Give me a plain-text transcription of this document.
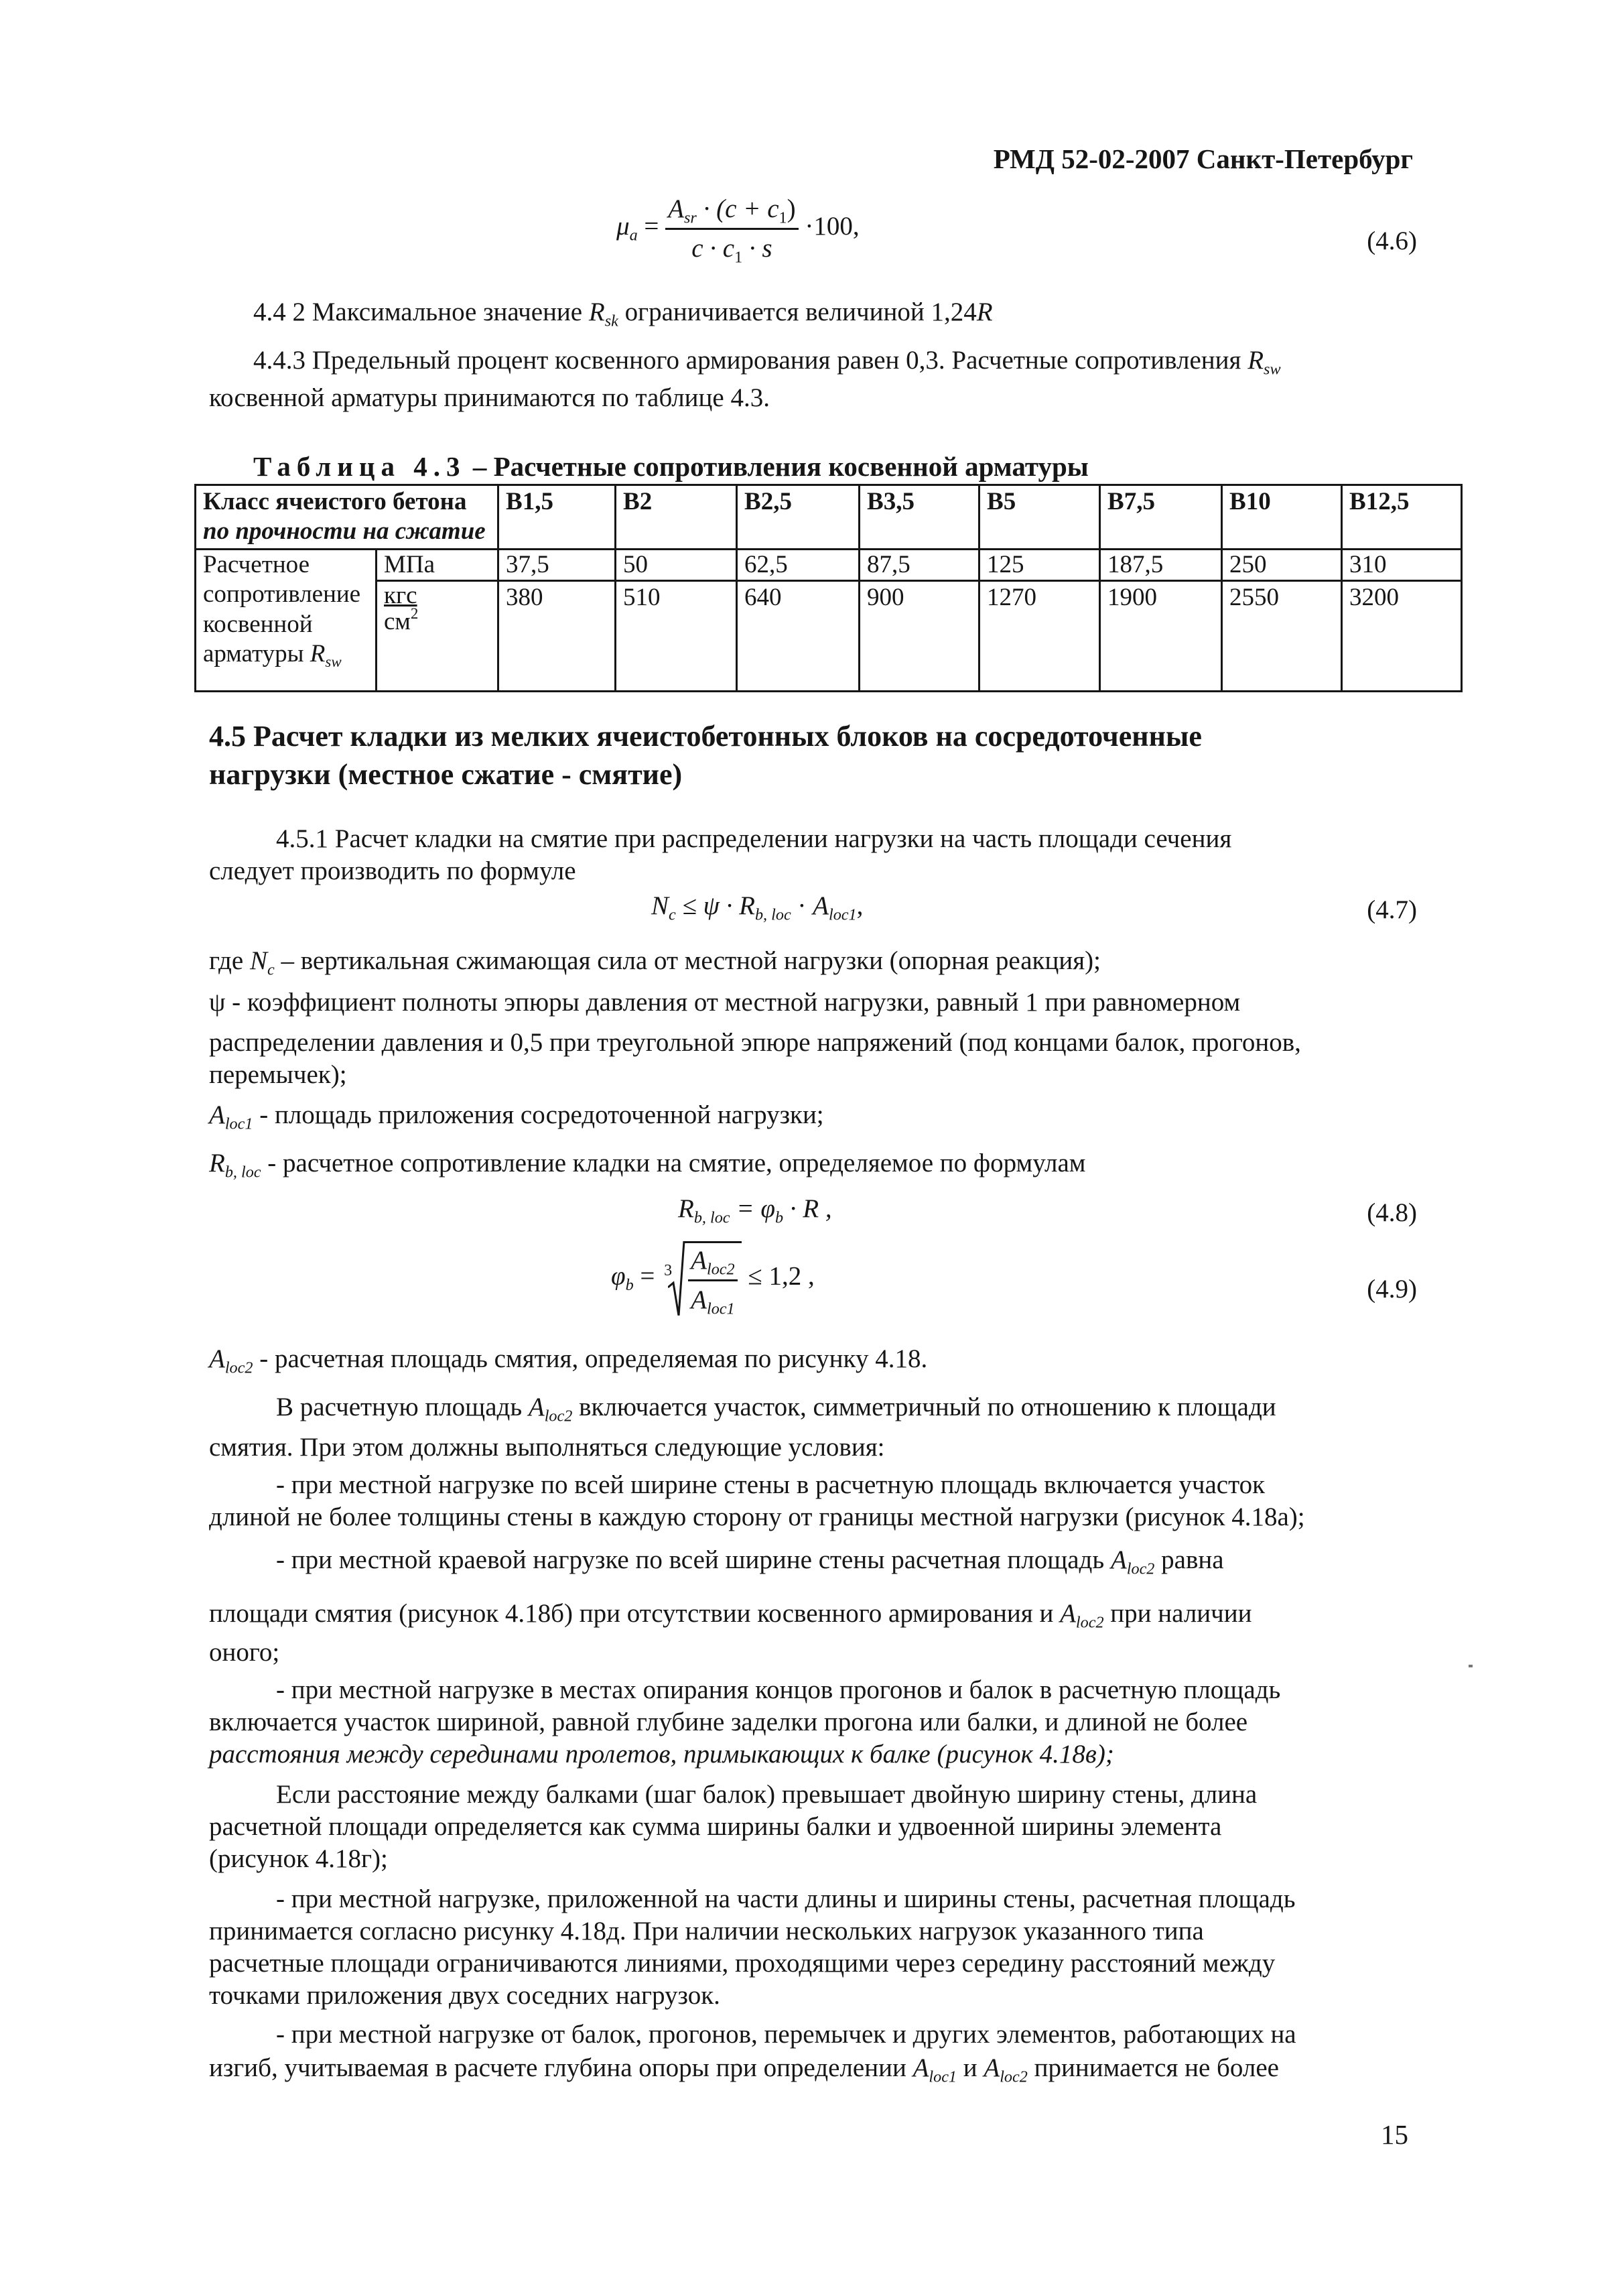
РМД 52-02-2007 Санкт-Петербург
$\mu_a = \frac{A_{sr} \cdot (c + c_1)}{c \cdot c_1 \cdot s} \cdot 100$,
(4.6)
4.4 2 Максимальное значение $R_{sk}$ ограничивается величиной 1,24R
4.4.3 Предельный процент косвенного армирования равен 0,3. Расчетные сопротивления $R_{sw}$
косвенной арматуры принимаются по таблице 4.3.
Таблица 4.3 – Расчетные сопротивления косвенной арматуры
Класс ячеистого бетона
по прочности на сжатие		В1,5	В2	В2,5	В3,5	В5	В7,5	В10	В12,5

Расчетное
сопротивление
косвенной
арматуры $R_{sw}$	МПа	37,5	50	62,5	87,5	125	187,5	250	310

	кгс
$см^2$	380	510	640	900	1270	1900	2550	3200
4.5 Расчет кладки из мелких ячеистобетонных блоков на сосредоточенные
нагрузки (местное сжатие - смятие)
4.5.1 Расчет кладки на смятие при распределении нагрузки на часть площади сечения
следует производить по формуле
$N_c \le \psi \cdot R_{b, loc} \cdot A_{loc1}$,	(4.7)
где $N_c$ – вертикальная сжимающая сила от местной нагрузки (опорная реакция);
ψ - коэффициент полноты эпюры давления от местной нагрузки, равный 1 при равномерном
распределении давления и 0,5 при треугольной эпюре напряжений (под концами балок, прогонов,
перемычек);
$A_{loc1}$ - площадь приложения сосредоточенной нагрузки;
$R_{b, loc}$ - расчетное сопротивление кладки на смятие, определяемое по формулам
$R_{b, loc} = \varphi_b \cdot R$ ,	(4.8)
$\varphi_b = 3 \frac{A_{loc2}}{A_{loc1}} \le 1,2$ ,	(4.9)
$A_{loc2}$ - расчетная площадь смятия, определяемая по рисунку 4.18.
В расчетную площадь $A_{loc2}$ включается участок, симметричный по отношению к площади
смятия. При этом должны выполняться следующие условия:
- при местной нагрузке по всей ширине стены в расчетную площадь включается участок
длиной не более толщины стены в каждую сторону от границы местной нагрузки (рисунок 4.18а);
- при местной краевой нагрузке по всей ширине стены расчетная площадь $A_{loc2}$ равна
площади смятия (рисунок 4.18б) при отсутствии косвенного армирования и $A_{loc2}$ при наличии
оного;
- при местной нагрузке в местах опирания концов прогонов и балок в расчетную площадь
включается участок шириной, равной глубине заделки прогона или балки, и длиной не более
расстояния между серединами пролетов, примыкающих к балке (рисунок 4.18в);
Если расстояние между балками (шаг балок) превышает двойную ширину стены, длина
расчетной площади определяется как сумма ширины балки и удвоенной ширины элемента
(рисунок 4.18г);
- при местной нагрузке, приложенной на части длины и ширины стены, расчетная площадь
принимается согласно рисунку 4.18д. При наличии нескольких нагрузок указанного типа
расчетные площади ограничиваются линиями, проходящими через середину расстояний между
точками приложения двух соседних нагрузок.
- при местной нагрузке от балок, прогонов, перемычек и других элементов, работающих на
изгиб, учитываемая в расчете глубина опоры при определении $A_{loc1}$ и $A_{loc2}$ принимается не более
15
